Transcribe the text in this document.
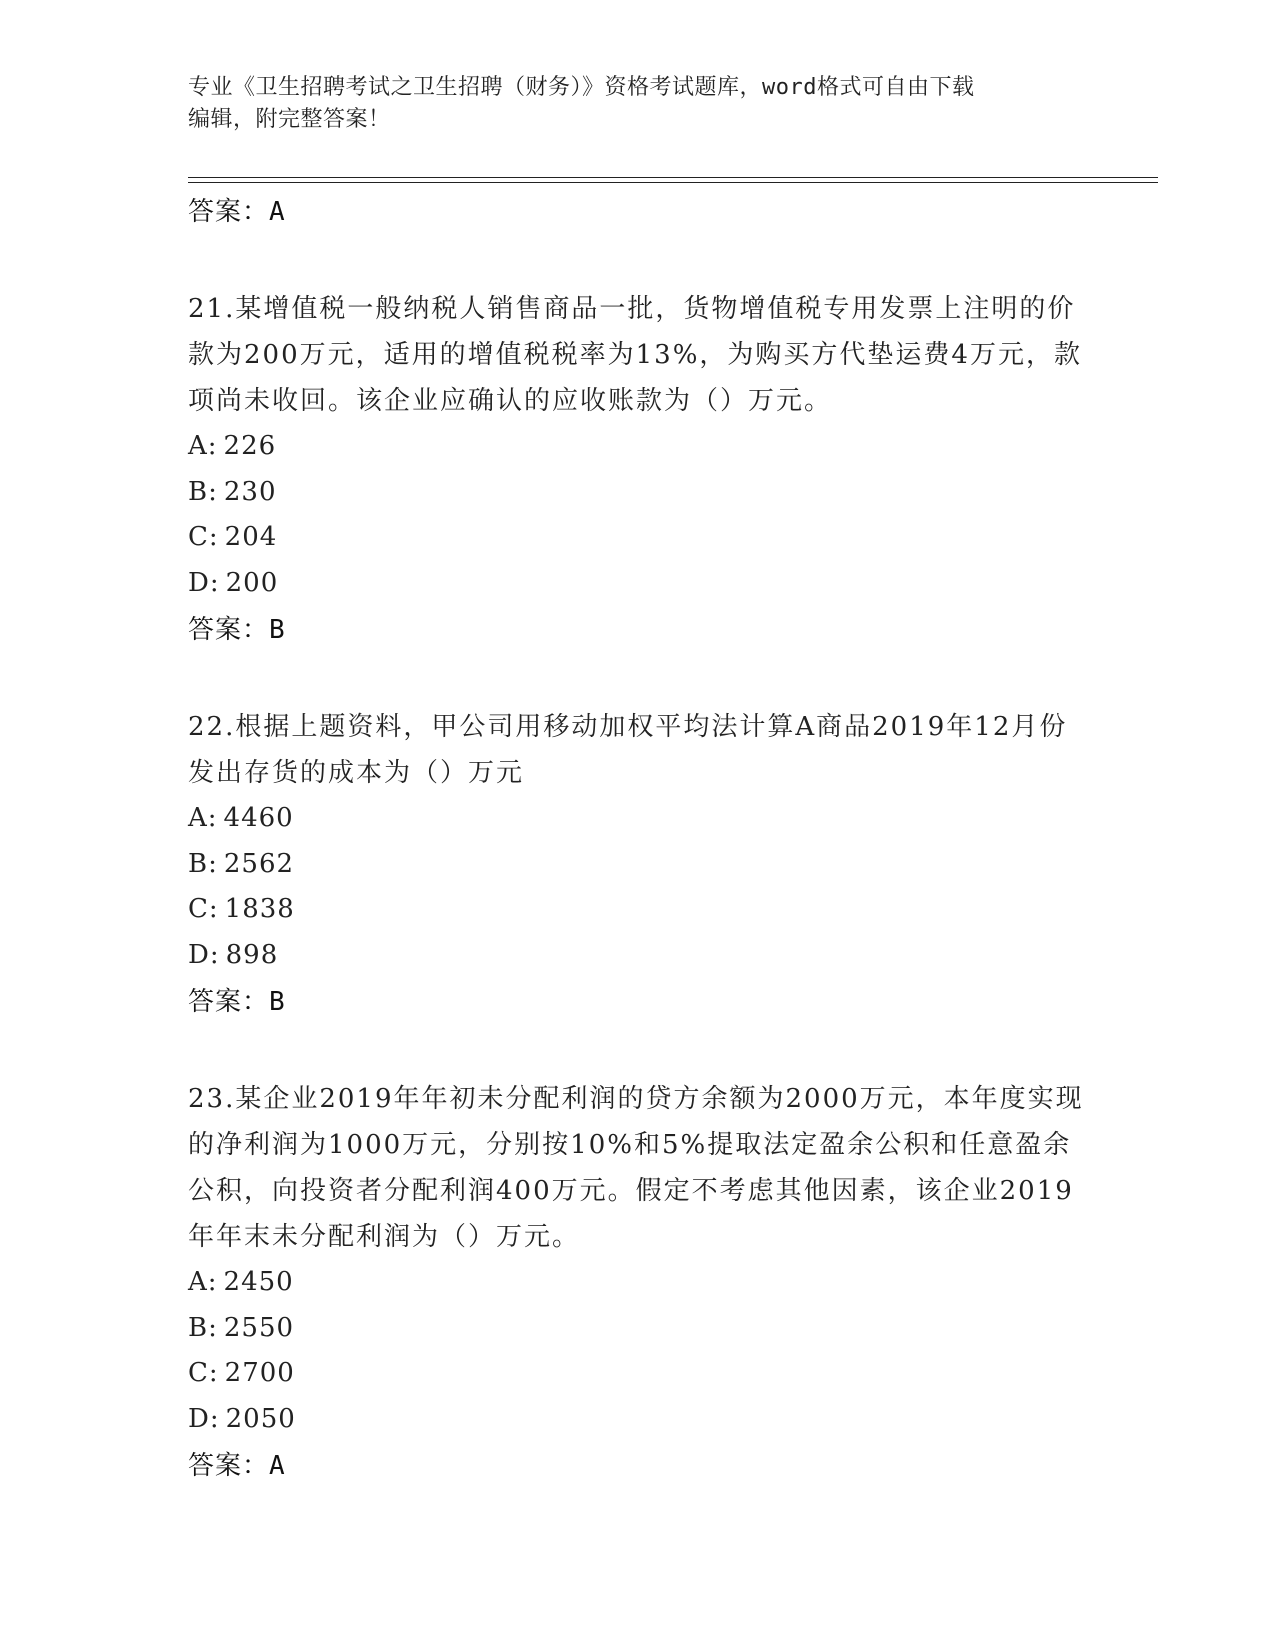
专业《卫生招聘考试之卫生招聘（财务）》资格考试题库，word格式可自由下载
编辑，附完整答案！
答案：A
21.某增值税一般纳税人销售商品一批，货物增值税专用发票上注明的价款为200万元，适用的增值税税率为13%，为购买方代垫运费4万元，款项尚未收回。该企业应确认的应收账款为（）万元。
A: 226
B: 230
C: 204
D: 200
答案：B
22.根据上题资料，甲公司用移动加权平均法计算A商品2019年12月份发出存货的成本为（）万元
A: 4460
B: 2562
C: 1838
D: 898
答案：B
23.某企业2019年年初未分配利润的贷方余额为2000万元，本年度实现的净利润为1000万元，分别按10%和5%提取法定盈余公积和任意盈余公积，向投资者分配利润400万元。假定不考虑其他因素，该企业2019年年末未分配利润为（）万元。
A: 2450
B: 2550
C: 2700
D: 2050
答案：A
